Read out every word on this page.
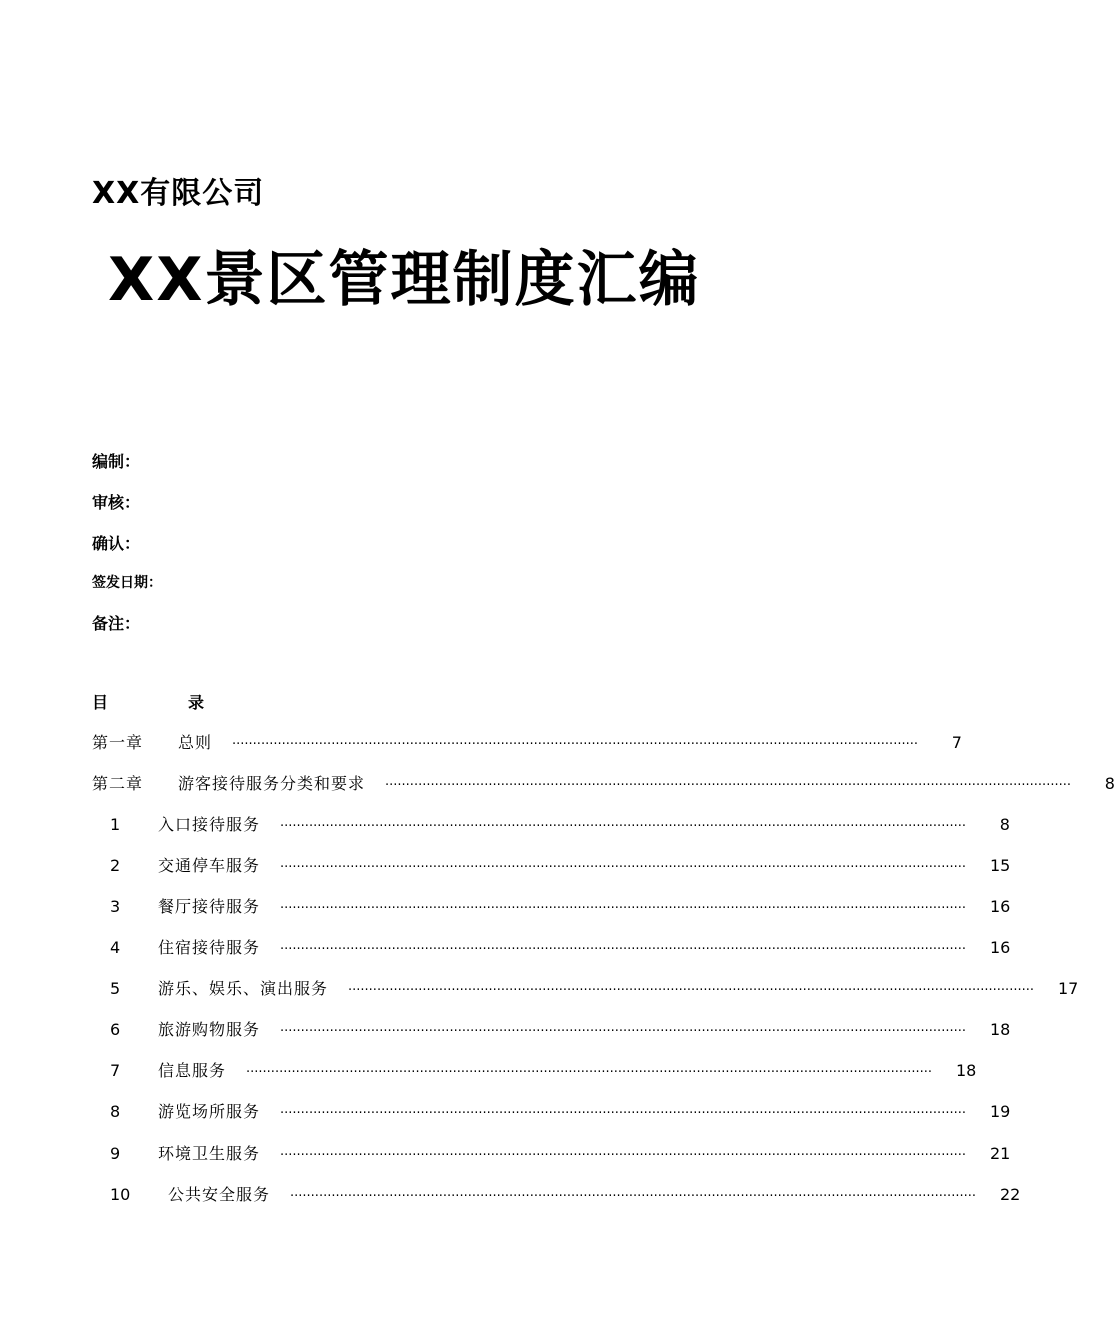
XX有限公司
XX景区管理制度汇编
编制：
审核：
确认：
签发日期：
备注：
目	录
第一章	总则 ······································································································································································	7
第二章	游客接待服务分类和要求 ······································································································································································	8
1	入口接待服务 ······································································································································································	8
2	交通停车服务 ······································································································································································ 15
3	餐厅接待服务 ······································································································································································ 16
4	住宿接待服务 ······································································································································································ 16
5	游乐、娱乐、演出服务 ······································································································································································ 17
6	旅游购物服务 ······································································································································································ 18
7	信息服务 ······································································································································································ 18
8	游览场所服务 ······································································································································································ 19
9	环境卫生服务 ······································································································································································ 21
10	公共安全服务 ······································································································································································ 22
